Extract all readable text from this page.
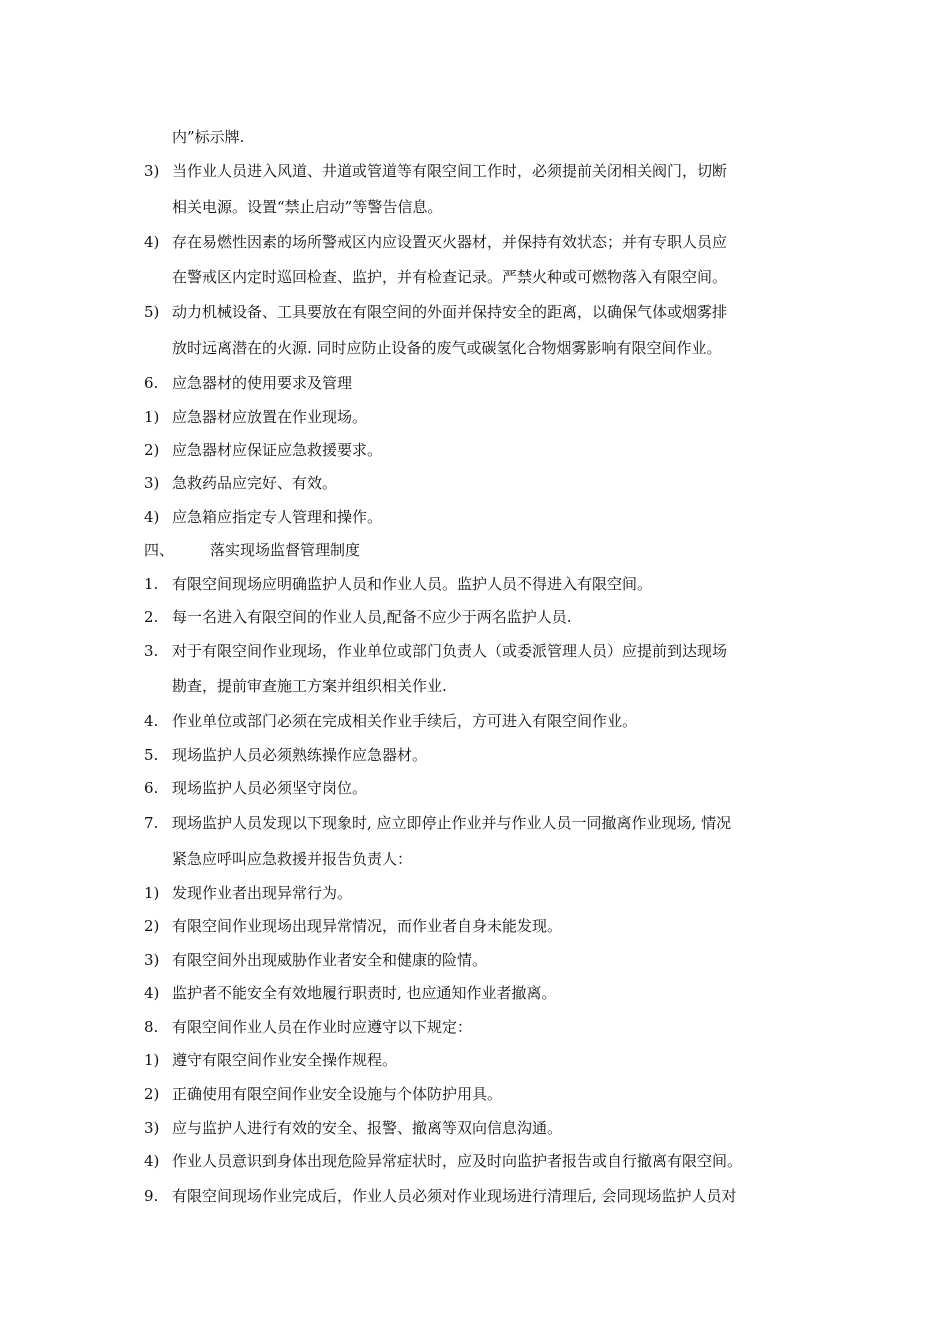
内”标示牌.
3) 当作业人员进入风道、井道或管道等有限空间工作时，必须提前关闭相关阀门，切断
相关电源。设置“禁止启动”等警告信息。
4) 存在易燃性因素的场所警戒区内应设置灭火器材，并保持有效状态；并有专职人员应
在警戒区内定时巡回检查、监护，并有检查记录。严禁火种或可燃物落入有限空间。
5) 动力机械设备、工具要放在有限空间的外面并保持安全的距离，以确保气体或烟雾排
放时远离潜在的火源. 同时应防止设备的废气或碳氢化合物烟雾影响有限空间作业。
6. 应急器材的使用要求及管理
1) 应急器材应放置在作业现场。
2) 应急器材应保证应急救援要求。
3) 急救药品应完好、有效。
4) 应急箱应指定专人管理和操作。
四、 落实现场监督管理制度
1. 有限空间现场应明确监护人员和作业人员。监护人员不得进入有限空间。
2. 每一名进入有限空间的作业人员,配备不应少于两名监护人员.
3. 对于有限空间作业现场，作业单位或部门负责人（或委派管理人员）应提前到达现场
勘查，提前审查施工方案并组织相关作业.
4. 作业单位或部门必须在完成相关作业手续后，方可进入有限空间作业。
5. 现场监护人员必须熟练操作应急器材。
6. 现场监护人员必须坚守岗位。
7. 现场监护人员发现以下现象时, 应立即停止作业并与作业人员一同撤离作业现场, 情况
紧急应呼叫应急救援并报告负责人：
1) 发现作业者出现异常行为。
2) 有限空间作业现场出现异常情况，而作业者自身未能发现。
3) 有限空间外出现威胁作业者安全和健康的险情。
4) 监护者不能安全有效地履行职责时, 也应通知作业者撤离。
8. 有限空间作业人员在作业时应遵守以下规定：
1) 遵守有限空间作业安全操作规程。
2) 正确使用有限空间作业安全设施与个体防护用具。
3) 应与监护人进行有效的安全、报警、撤离等双向信息沟通。
4) 作业人员意识到身体出现危险异常症状时，应及时向监护者报告或自行撤离有限空间。
9. 有限空间现场作业完成后，作业人员必须对作业现场进行清理后, 会同现场监护人员对
